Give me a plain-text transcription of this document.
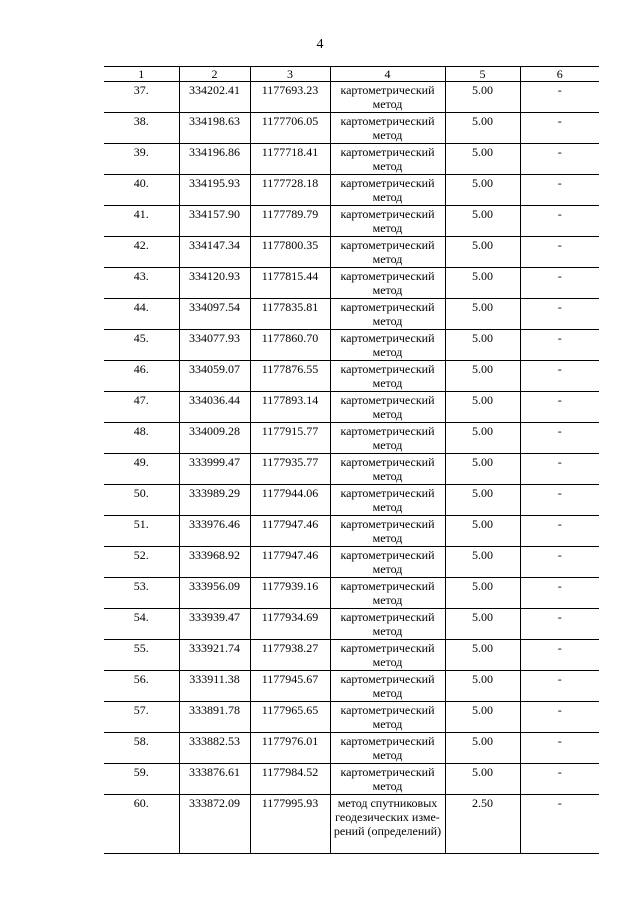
4
1	2	3	4	5	6
37.	334202.41	1177693.23	картометрический метод	5.00	-
38.	334198.63	1177706.05	картометрический метод	5.00	-
39.	334196.86	1177718.41	картометрический метод	5.00	-
40.	334195.93	1177728.18	картометрический метод	5.00	-
41.	334157.90	1177789.79	картометрический метод	5.00	-
42.	334147.34	1177800.35	картометрический метод	5.00	-
43.	334120.93	1177815.44	картометрический метод	5.00	-
44.	334097.54	1177835.81	картометрический метод	5.00	-
45.	334077.93	1177860.70	картометрический метод	5.00	-
46.	334059.07	1177876.55	картометрический метод	5.00	-
47.	334036.44	1177893.14	картометрический метод	5.00	-
48.	334009.28	1177915.77	картометрический метод	5.00	-
49.	333999.47	1177935.77	картометрический метод	5.00	-
50.	333989.29	1177944.06	картометрический метод	5.00	-
51.	333976.46	1177947.46	картометрический метод	5.00	-
52.	333968.92	1177947.46	картометрический метод	5.00	-
53.	333956.09	1177939.16	картометрический метод	5.00	-
54.	333939.47	1177934.69	картометрический метод	5.00	-
55.	333921.74	1177938.27	картометрический метод	5.00	-
56.	333911.38	1177945.67	картометрический метод	5.00	-
57.	333891.78	1177965.65	картометрический метод	5.00	-
58.	333882.53	1177976.01	картометрический метод	5.00	-
59.	333876.61	1177984.52	картометрический метод	5.00	-
60.	333872.09	1177995.93	метод спутниковых геодезических изме-рений (определений)	2.50	-
